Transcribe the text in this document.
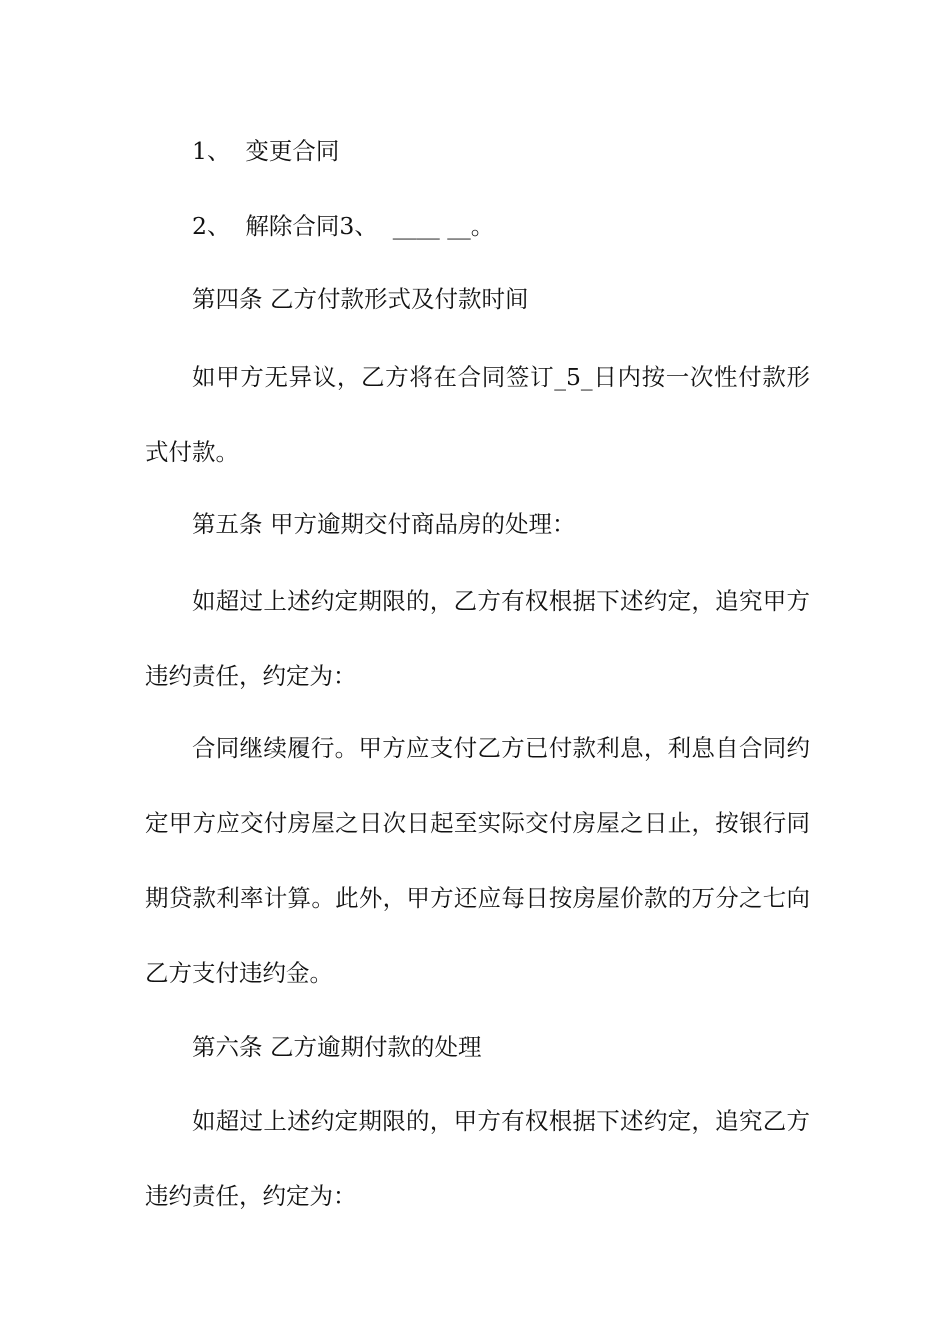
1、  变更合同

2、  解除合同3、  ____ __。

第四条 乙方付款形式及付款时间

如甲方无异议，乙方将在合同签订_5_日内按一次性付款形式付款。

第五条 甲方逾期交付商品房的处理：

如超过上述约定期限的，乙方有权根据下述约定，追究甲方违约责任，约定为：

合同继续履行。甲方应支付乙方已付款利息，利息自合同约定甲方应交付房屋之日次日起至实际交付房屋之日止，按银行同期贷款利率计算。此外，甲方还应每日按房屋价款的万分之七向乙方支付违约金。

第六条 乙方逾期付款的处理

如超过上述约定期限的，甲方有权根据下述约定，追究乙方违约责任，约定为：
